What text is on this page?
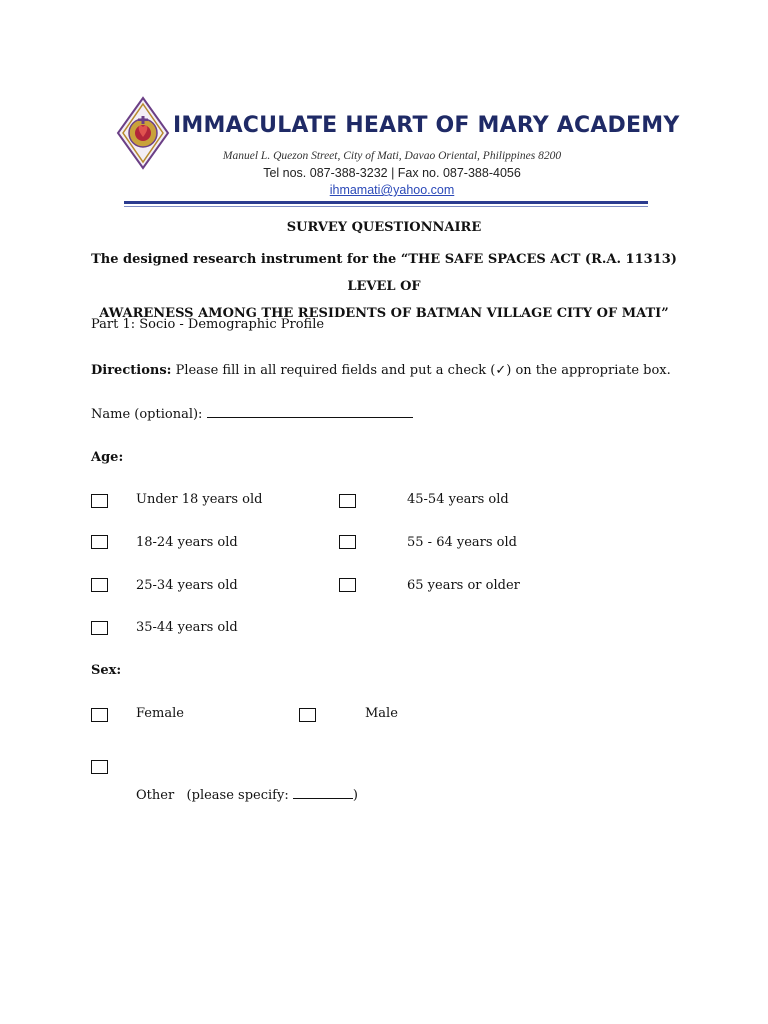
IMMACULATE HEART OF MARY ACADEMY
Manuel L. Quezon Street, City of Mati, Davao Oriental, Philippines 8200
Tel nos. 087-388-3232 | Fax no. 087-388-4056
ihmamati@yahoo.com
SURVEY QUESTIONNAIRE
The designed research instrument for the “THE SAFE SPACES ACT (R.A. 11313) LEVEL OF
AWARENESS AMONG THE RESIDENTS OF BATMAN VILLAGE CITY OF MATI”
Part 1: Socio - Demographic Profile
Directions: Please fill in all required fields and put a check (✓) on the appropriate box.
Name (optional):
Age:
Under 18 years old
18-24 years old
25-34 years old
35-44 years old
45-54 years old
55 - 64 years old
65 years or older
Sex:
Female	Male
Other   (please specify:	)
